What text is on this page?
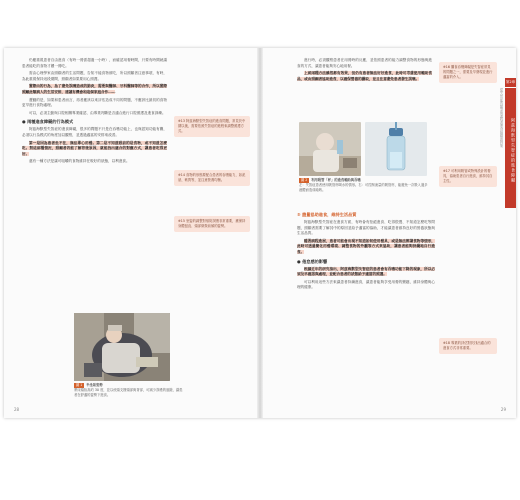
仍應重視患者自由進食（有時一餐需超過一小時），而確認用餐時間，只要有時間就讓患者能吃的食物才餵一餐吃。

需由心理學家由照顧者的生活問題，告知不能食物被吃，所以照顧者注意事項，有時，為此重視保持這段期間，照顧者如果要用心照護。

實際由的行為，為了避免誤嚥造成的肺炎，需要與醫師、牙科醫師等的合作，所以實際照顧此類病人的生活安排，建議有機會和這個家庭合作……

遭餓的是，如果和患者而言，再者應該以來評估造成不同的問題，不應該比最初的食物更早進行食物處理。

可以，必須主動與口腔相關專業確認，由專業判斷是否適合進行口腔照護及進食訓練。

● 兩種進食障礙的行為模式

阿茲海默型失智症的進食障礙，很多的問題不只是在吞嚥功能上，也與認知功能有關，必須以行為模式的角度加以觀察，並透過適當的安排來改善。

第一是因為患者坐不住，無法專心用餐。第二是不知道眼前的是食物，或不知道怎麼吃。對這兩種情況，照顧者若能了解背後原因，就能找出適合的對應方式，讓患者吃得更好。

還有一種方法是讓可咀嚼的食物維持在較好的狀態，以利進食。

※13 阿茲海默型失智症的進食問題，常見於中期以後，需要依照失智症的進程來調整照護方式。
※14 食物的形態要配合患者的吞嚥能力，如泥狀、軟質等，並注意營養均衡。
※15 坐姿的調整對預防誤嚥非常重要，應保持身體挺直、頭部微微前傾的姿勢。
圖 1 半坐臥姿勢
將床頭抬高約 30 度，並以枕頭支撐頭部與背部，可減少誤嚥的風險，讓患者在舒適的姿勢下進食。
28

進行時，必須觀察患者在用餐時的反應，並依照患者的能力調整食物的形態與進食的方式，讓患者能夠安心地用餐。

上面兩種方法雖然都有效果，但仍有患者無法好好進食，此時可考慮使用輔助食品，或由照顧者協助進食，以確保營養的攝取，並且注意避免患者發生誤嚥。

※16 攝食吞嚥障礙是失智症常見的問題之一，需要及早發現並進行適當的介入。
圖 2 利用吸管「杯」的進食輔助與吞嚥
左：失智症患者使用吸管杯喝水的情形。右：可控制流量的吸管杯，能避免一次吸入過多液體而造成嗆咳。
※17 可利用吸管或特殊設計的餐具，協助患者自行進食，維持其自主性。
⑤ 盡量協助進食，維持生活品質

阿茲海默型失智症在進食方面，有時會有拒絕進食、吃得很慢、不知道怎麼吃等問題，照顧者需要了解其中的原因並給予適當的協助，才能讓患者維持良好的營養狀態與生活品質。

隨著病程進展，患者可能會出現不知道如何使用餐具，或是無法辨識食物等情形，此時可透過簡化用餐環境、調整食物的外觀等方式來協助，讓患者能夠持續地自行進食。

● 倦怠感的影響

根據近年的研究指出，阿茲海默型失智症的患者會有吞嚥功能下降的現象，所以必須及早確認與處理，並配合患者的狀態給予適當的照護。

可以利用這些方法來讓患者持續進食，讓患者能夠享受用餐的樂趣，維持身體與心理的健康。

※18 專業的評估對於找出適合的進食方式非常重要。
第2章
阿茲海默型失智症的進食障礙
從失智症的類型與進程看進食障礙的對策
29
